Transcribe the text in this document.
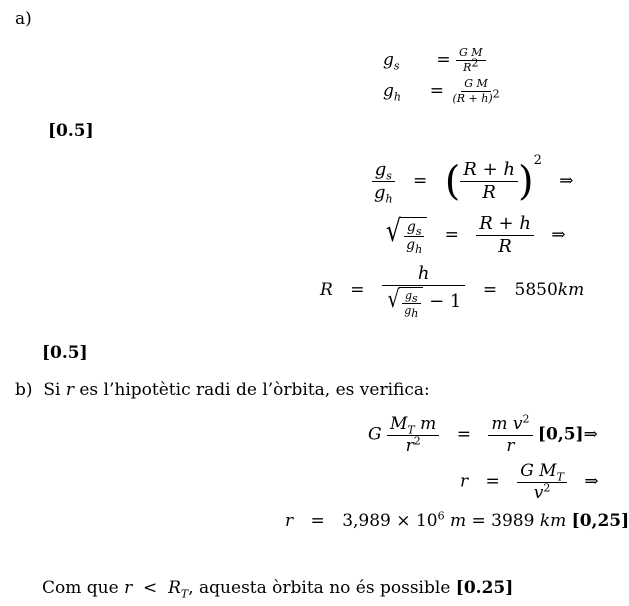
a)
$g_s = \frac{\text{G M}}{R^2}$
$g_h = \frac{\text{G M}}{(R + h)^2}$
[0.5]
$\frac{g_s}{g_h}$ = ( $\frac{R + h}{R} )^2$ ⇒
√ $\frac{g_s}{g_h} = \frac{R + h}{R}$ ⇒
$R = \frac{h}{√ \frac{g_s}{g_h} - 1} = 5850km$
[0.5]
b) Si r es l’hipotètic radi de l’òrbita, es verifica:
G $\frac{M_T m}{r^2} = \frac{m v^2}{r}$ [0,5]⇒
$r = \frac{G M_T}{v^2}$ ⇒
$r = 3,989 \times 10^6$ m = 3989 km [0,25]
Com que $r < R_T$, aquesta òrbita no és possible [0.25]
